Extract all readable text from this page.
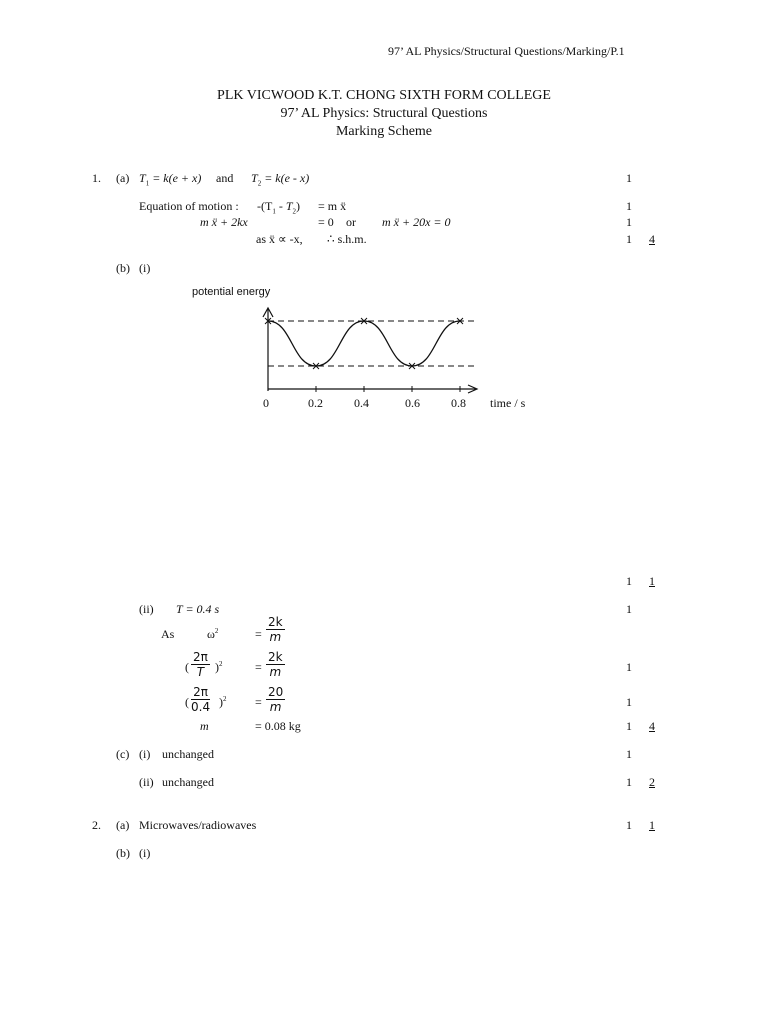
97’ AL Physics/Structural Questions/Marking/P.1
PLK VICWOOD K.T. CHONG SIXTH FORM COLLEGE
97’ AL Physics: Structural Questions
Marking Scheme
1. (a) $T_1 = k(e + x)$ and $T_2 = k(e - x)$	1
Equation of motion : $-(T_1 - T_2) = m$ ẍ	1
m ẍ + 2kx	= 0 or m ẍ + 20x = 0	1
as ẍ ∝ -x, ∴ s.h.m.	1 4
(b) (i)
potential energy
0	0.2	0.4	0.6	0.8 time / s
1 1
(ii) T = 0.4 s	1
As	$\omega^2$	= $\frac{2k}{m}$
( $\frac{2\pi}{T} )^2$	= $\frac{2k}{m}$	1
( $\frac{2\pi}{0.4} )^2 = \frac{20}{m}$	1
m	= 0.08 kg	1 4
(c) (i) unchanged	1
(ii) unchanged	1 2
2. (a) Microwaves/radiowaves	1 1
(b) (i)
